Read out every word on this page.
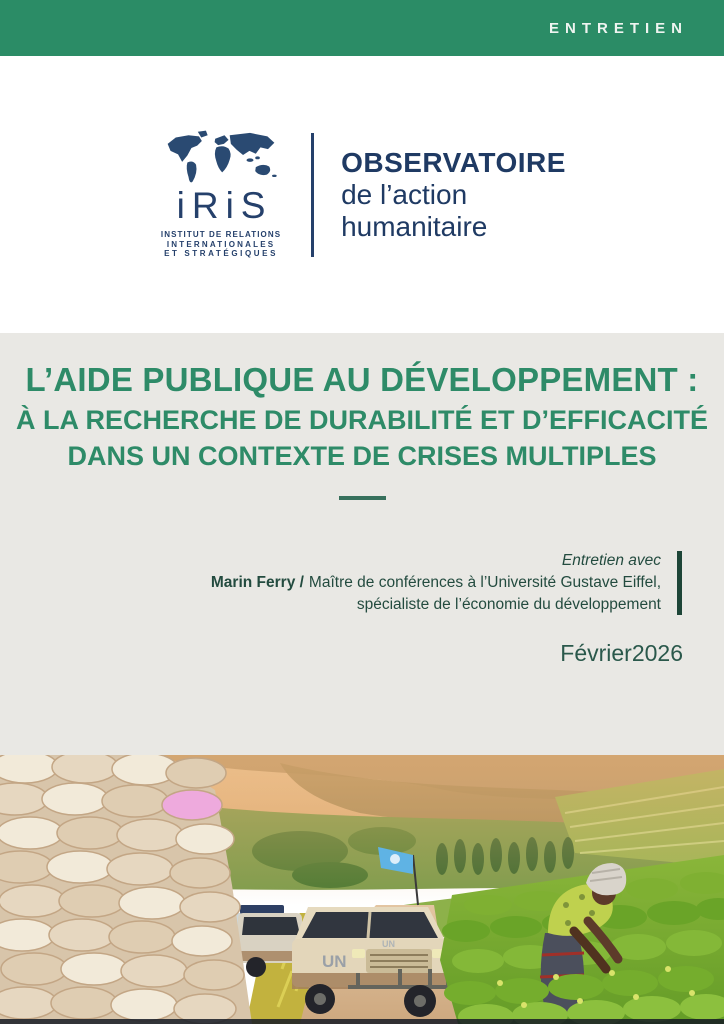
ENTRETIEN
iRiS
INSTITUT DE RELATIONS
INTERNATIONALES
ET STRATÉGIQUES
OBSERVATOIRE
de l’action
humanitaire
L’AIDE PUBLIQUE AU DÉVELOPPEMENT :
À LA RECHERCHE DE DURABILITÉ ET D’EFFICACITÉ
DANS UN CONTEXTE DE CRISES MULTIPLES
Entretien avec
Marin Ferry / Maître de conférences à l’Université Gustave Eiffel,
spécialiste de l’économie du développement
Février2026
UN
UN
